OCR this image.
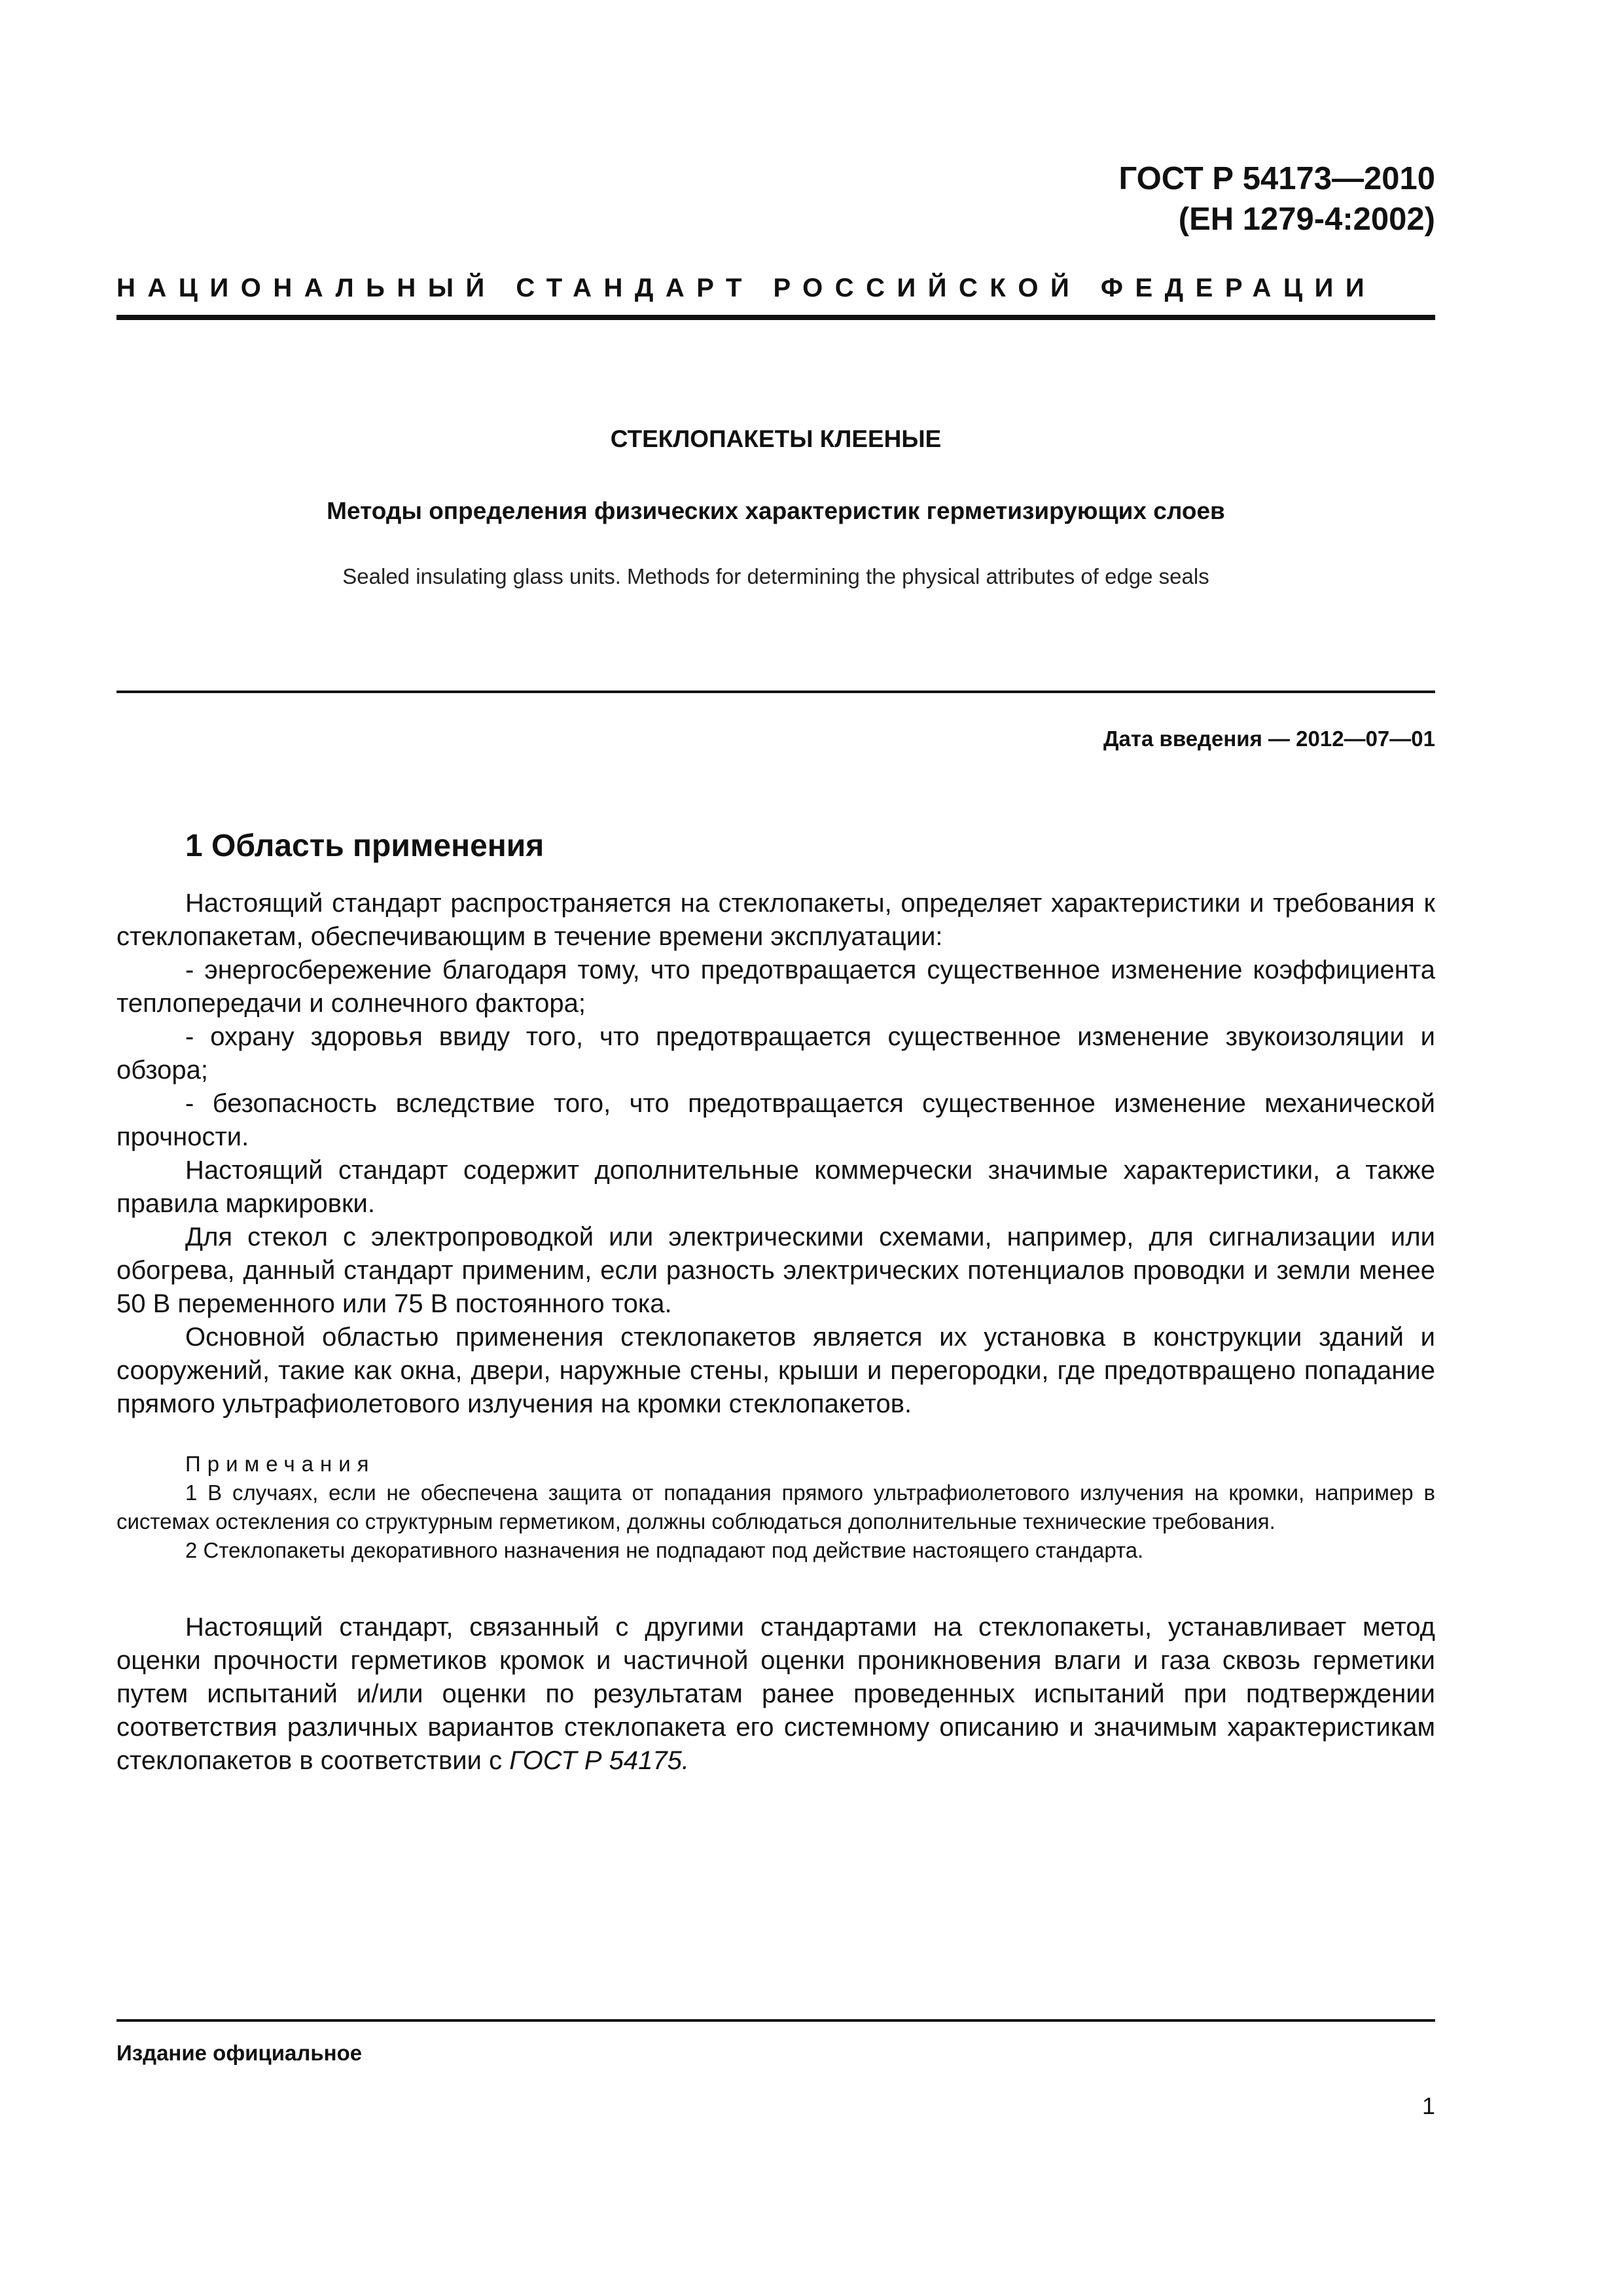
ГОСТ Р 54173—2010
(ЕН 1279-4:2002)
НАЦИОНАЛЬНЫЙ СТАНДАРТ РОССИЙСКОЙ ФЕДЕРАЦИИ
СТЕКЛОПАКЕТЫ КЛЕЕНЫЕ
Методы определения физических характеристик герметизирующих слоев
Sealed insulating glass units. Methods for determining the physical attributes of edge seals
Дата введения — 2012—07—01
1 Область применения

Настоящий стандарт распространяется на стеклопакеты, определяет характеристики и требования к стеклопакетам, обеспечивающим в течение времени эксплуатации:

- энергосбережение благодаря тому, что предотвращается существенное изменение коэффициента теплопередачи и солнечного фактора;

- охрану здоровья ввиду того, что предотвращается существенное изменение звукоизоляции и обзора;

- безопасность вследствие того, что предотвращается существенное изменение механической прочности.

Настоящий стандарт содержит дополнительные коммерчески значимые характеристики, а также правила маркировки.

Для стекол с электропроводкой или электрическими схемами, например, для сигнализации или обогрева, данный стандарт применим, если разность электрических потенциалов проводки и земли менее 50 В переменного или 75 В постоянного тока.

Основной областью применения стеклопакетов является их установка в конструкции зданий и сооружений, такие как окна, двери, наружные стены, крыши и перегородки, где предотвращено попадание прямого ультрафиолетового излучения на кромки стеклопакетов.

Примечания

1 В случаях, если не обеспечена защита от попадания прямого ультрафиолетового излучения на кромки, например в системах остекления со структурным герметиком, должны соблюдаться дополнительные технические требования.

2 Стеклопакеты декоративного назначения не подпадают под действие настоящего стандарта.

Настоящий стандарт, связанный с другими стандартами на стеклопакеты, устанавливает метод оценки прочности герметиков кромок и частичной оценки проникновения влаги и газа сквозь герметики путем испытаний и/или оценки по результатам ранее проведенных испытаний при подтверждении соответствия различных вариантов стеклопакета его системному описанию и значимым характеристикам стеклопакетов в соответствии с ГОСТ Р 54175.

Издание официальное
1
